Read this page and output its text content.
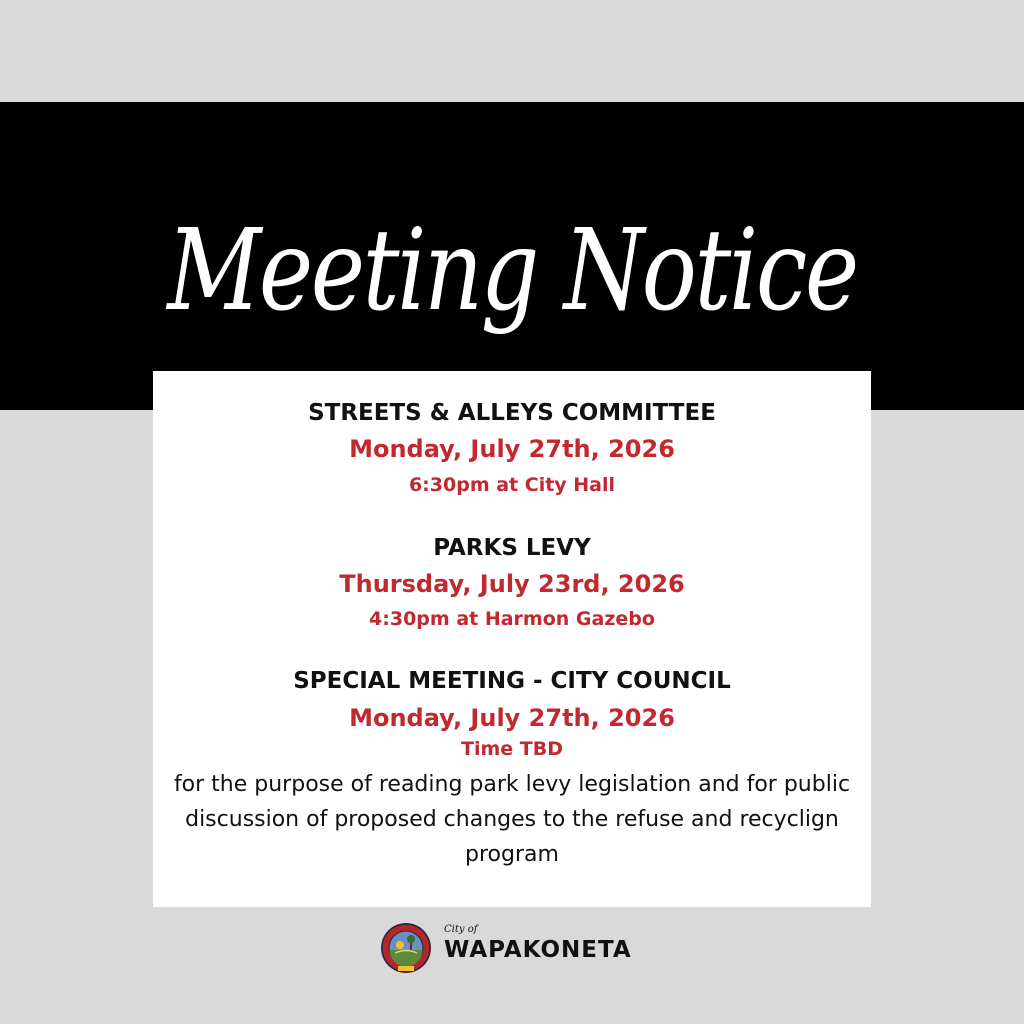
Meeting Notice
STREETS & ALLEYS COMMITTEE
Monday, July 27th, 2026
6:30pm at City Hall
PARKS LEVY
Thursday, July 23rd, 2026
4:30pm at Harmon Gazebo
SPECIAL MEETING - CITY COUNCIL
Monday, July 27th, 2026
Time TBD
for the purpose of reading park levy legislation and for public discussion of proposed changes to the refuse and recyclign program
City of
WAPAKONETA
